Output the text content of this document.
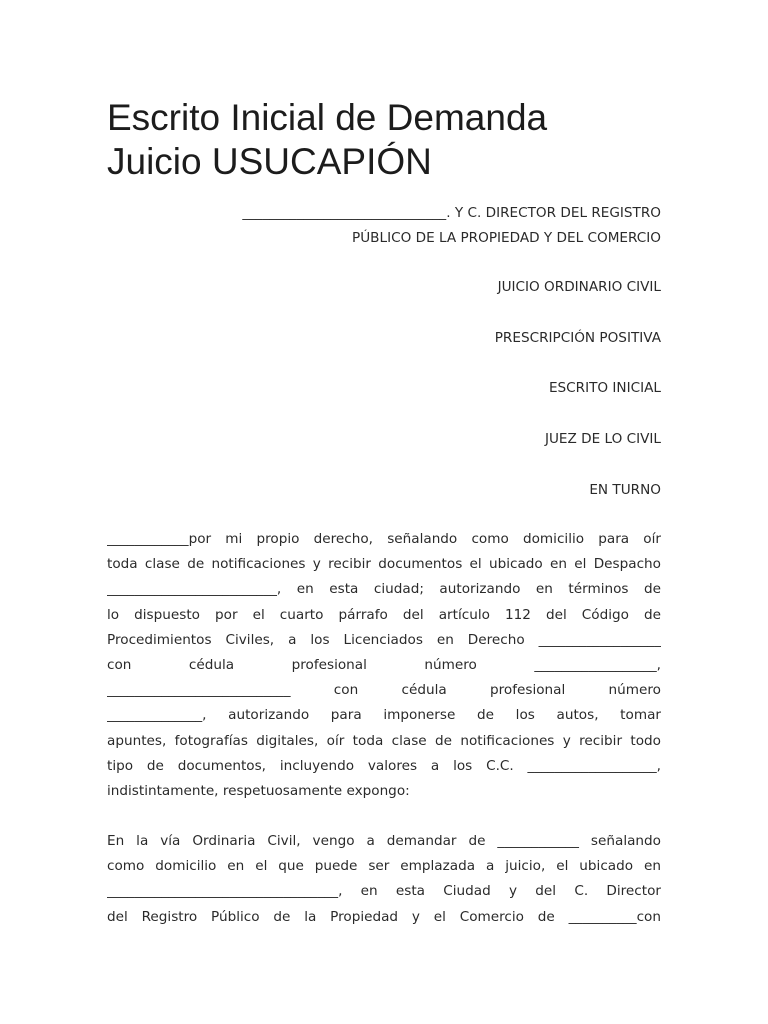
Escrito Inicial de Demanda
Juicio USUCAPIÓN
______________________________. Y C. DIRECTOR DEL REGISTRO
PÚBLICO DE LA PROPIEDAD Y DEL COMERCIO
JUICIO ORDINARIO CIVIL
PRESCRIPCIÓN POSITIVA
ESCRITO INICIAL
JUEZ DE LO CIVIL
EN TURNO
____________por mi propio derecho, señalando como domicilio para oír
toda clase de notificaciones y recibir documentos el ubicado en el Despacho
_________________________, en esta ciudad; autorizando en términos de
lo dispuesto por el cuarto párrafo del artículo 112 del Código de
Procedimientos Civiles, a los Licenciados en Derecho __________________
con cédula profesional número __________________,
___________________________ con cédula profesional número
______________, autorizando para imponerse de los autos, tomar
apuntes, fotografías digitales, oír toda clase de notificaciones y recibir todo
tipo de documentos, incluyendo valores a los C.C. ___________________,
indistintamente, respetuosamente expongo:
En la vía Ordinaria Civil, vengo a demandar de ____________ señalando
como domicilio en el que puede ser emplazada a juicio, el ubicado en
__________________________________, en esta Ciudad y del C. Director
del Registro Público de la Propiedad y el Comercio de __________con
